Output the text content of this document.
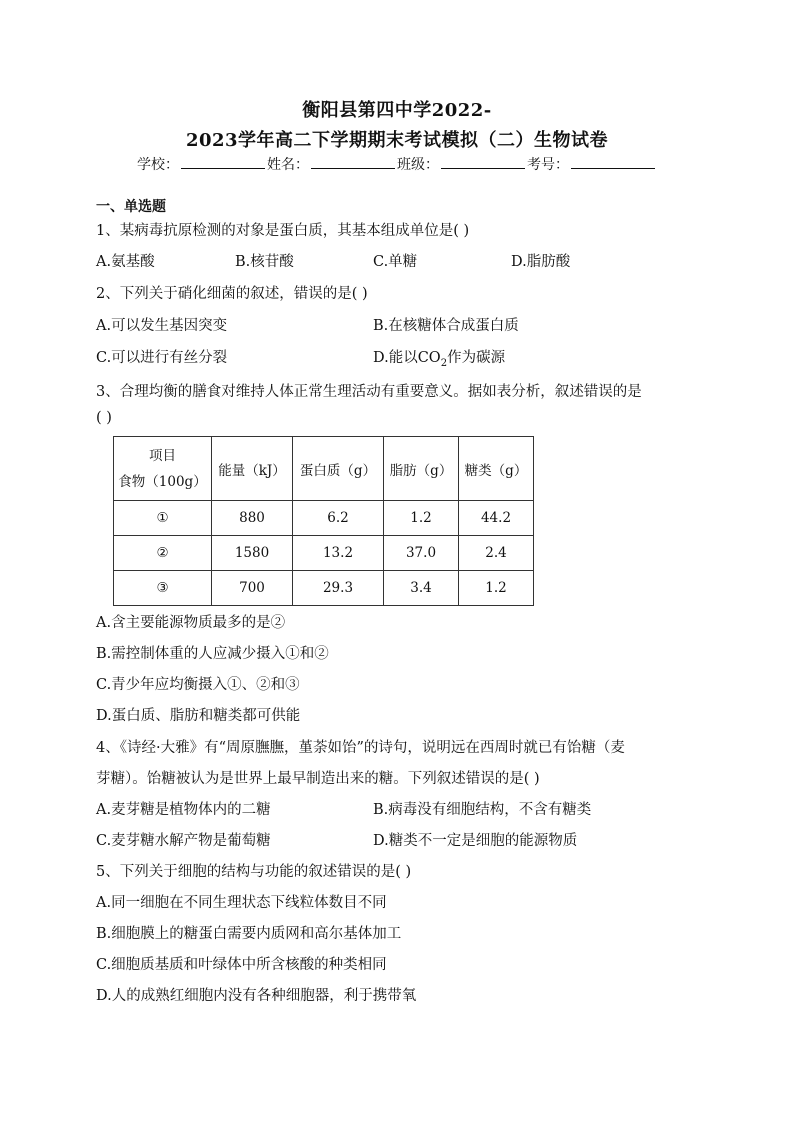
衡阳县第四中学2022-
2023学年高二下学期期末考试模拟（二）生物试卷
学校：	姓名：	班级：	考号：
一、单选题
1、某病毒抗原检测的对象是蛋白质，其基本组成单位是( )
A.氨基酸	B.核苷酸	C.单糖	D.脂肪酸
2、下列关于硝化细菌的叙述，错误的是( )
A.可以发生基因突变	B.在核糖体合成蛋白质
C.可以进行有丝分裂	D.能以$CO_2$作为碳源
3、合理均衡的膳食对维持人体正常生理活动有重要意义。据如表分析，叙述错误的是
( )
项目
食物（100g）	能量（kJ）	蛋白质（g）	脂肪（g）	糖类（g）
①	880	6.2	1.2	44.2
②	1580	13.2	37.0	2.4
③	700	29.3	3.4	1.2
A.含主要能源物质最多的是②
B.需控制体重的人应减少摄入①和②
C.青少年应均衡摄入①、②和③
D.蛋白质、脂肪和糖类都可供能
4、《诗经·大雅》有“周原膴膴，堇荼如饴”的诗句，说明远在西周时就已有饴糖（麦
芽糖）。饴糖被认为是世界上最早制造出来的糖。下列叙述错误的是( )
A.麦芽糖是植物体内的二糖	B.病毒没有细胞结构，不含有糖类
C.麦芽糖水解产物是葡萄糖	D.糖类不一定是细胞的能源物质
5、下列关于细胞的结构与功能的叙述错误的是( )
A.同一细胞在不同生理状态下线粒体数目不同
B.细胞膜上的糖蛋白需要内质网和高尔基体加工
C.细胞质基质和叶绿体中所含核酸的种类相同
D.人的成熟红细胞内没有各种细胞器，利于携带氧
